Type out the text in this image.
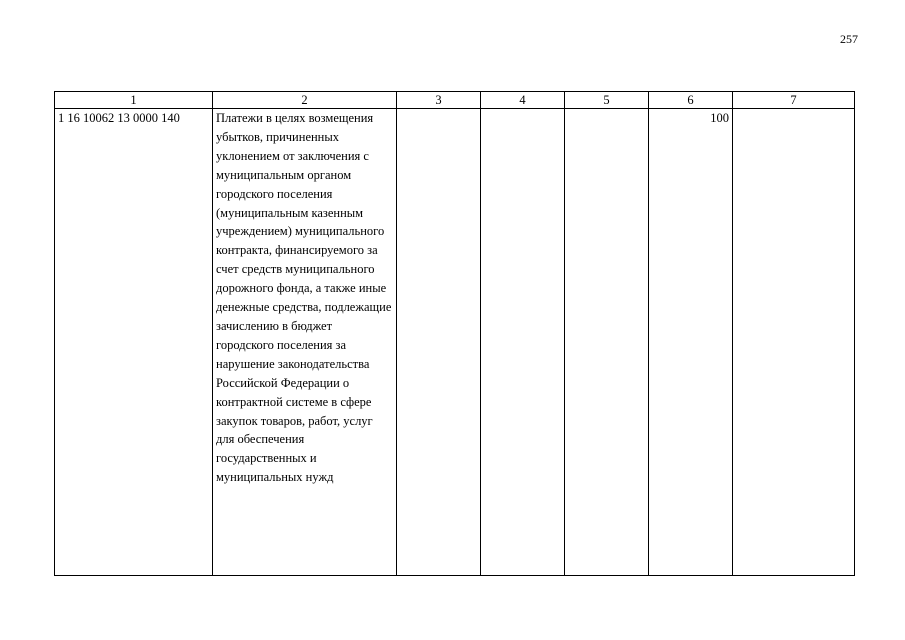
257
1	2	3	4	5	6	7
1 16 10062 13 0000 140	Платежи в целях возмещения убытков, причиненных уклонением от заключения с муниципальным органом городского поселения (муниципальным казенным учреждением) муниципального контракта, финансируемого за счет средств муниципального дорожного фонда, а также иные денежные средства, подлежащие зачислению в бюджет городского поселения за нарушение законодательства Российской Федерации о контрактной системе в сфере закупок товаров, работ, услуг для обеспечения государственных и муниципальных нужд				100	
